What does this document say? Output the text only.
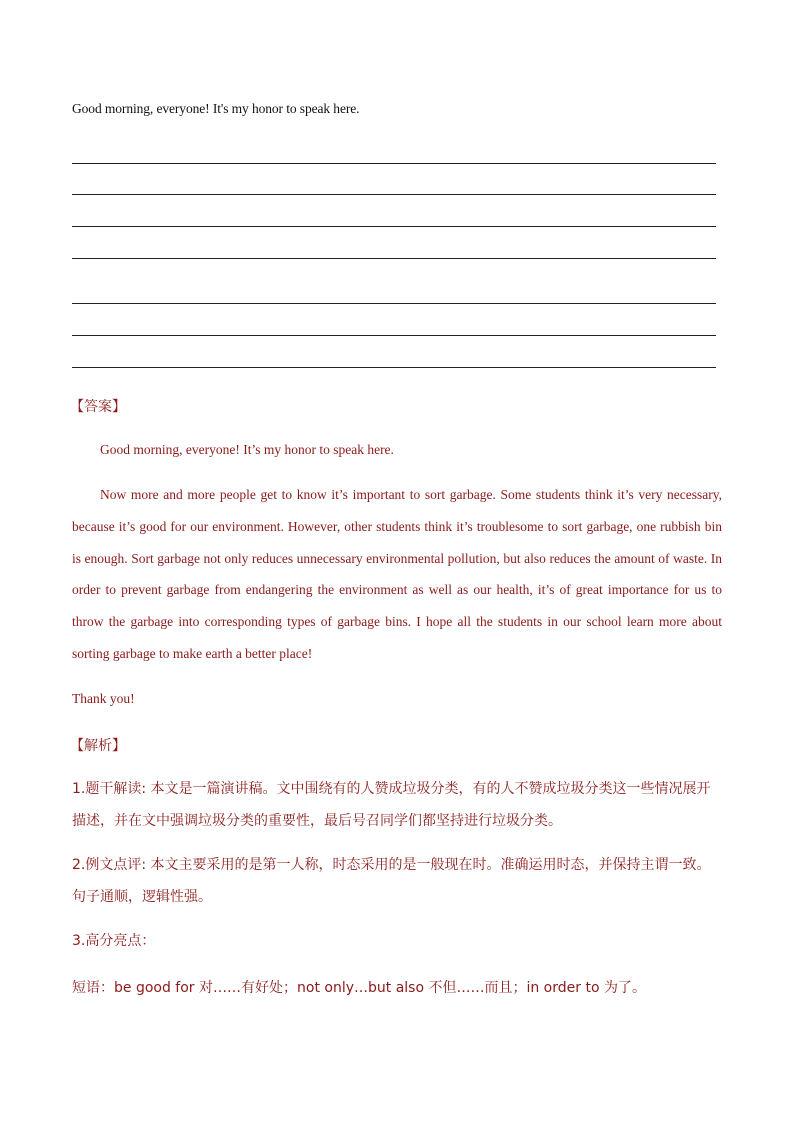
Good morning, everyone! It's my honor to speak here.
【答案】
Good morning, everyone! It’s my honor to speak here.
Now more and more people get to know it’s important to sort garbage. Some students think it’s very necessary, because it’s good for our environment. However, other students think it’s troublesome to sort garbage, one rubbish bin is enough. Sort garbage not only reduces unnecessary environmental pollution, but also reduces the amount of waste. In order to prevent garbage from endangering the environment as well as our health, it’s of great importance for us to throw the garbage into corresponding types of garbage bins. I hope all the students in our school learn more about sorting garbage to make earth a better place!
Thank you!
【解析】
1.题干解读: 本文是一篇演讲稿。文中围绕有的人赞成垃圾分类，有的人不赞成垃圾分类这一些情况展开描述，并在文中强调垃圾分类的重要性，最后号召同学们都坚持进行垃圾分类。
2.例文点评: 本文主要采用的是第一人称，时态采用的是一般现在时。准确运用时态，并保持主谓一致。句子通顺，逻辑性强。
3.高分亮点：
短语：be good for 对……有好处；not only…but also 不但……而且；in order to 为了。
